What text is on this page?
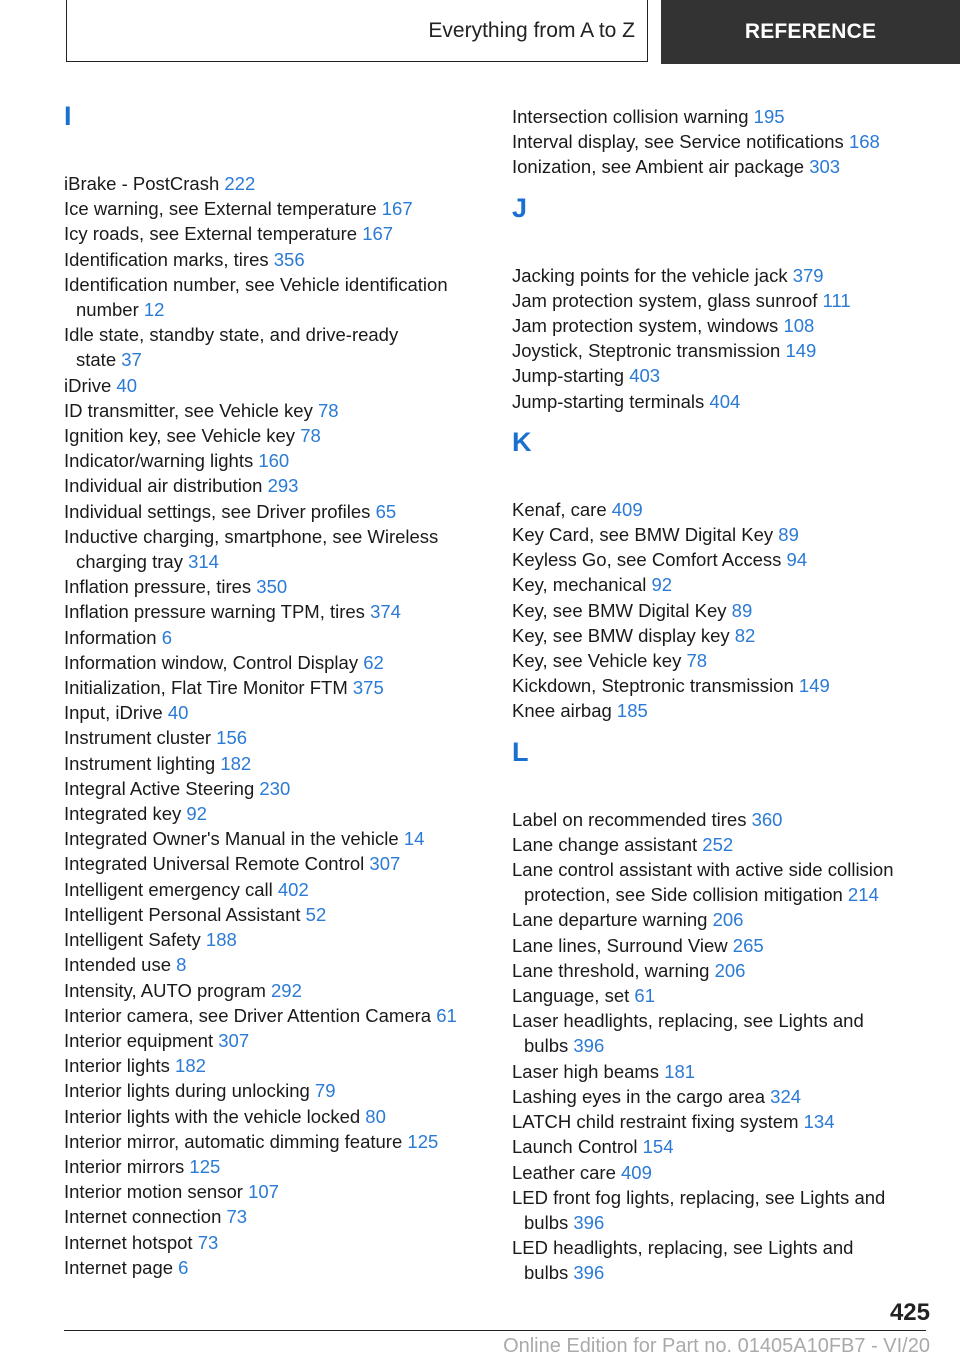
Everything from A to Z	REFERENCE
I
iBrake - PostCrash 222
Ice warning, see External temperature 167
Icy roads, see External temperature 167
Identification marks, tires 356
Identification number, see Vehicle identification
number 12
Idle state, standby state, and drive-ready
state 37
iDrive 40
ID transmitter, see Vehicle key 78
Ignition key, see Vehicle key 78
Indicator/warning lights 160
Individual air distribution 293
Individual settings, see Driver profiles 65
Inductive charging, smartphone, see Wireless
charging tray 314
Inflation pressure, tires 350
Inflation pressure warning TPM, tires 374
Information 6
Information window, Control Display 62
Initialization, Flat Tire Monitor FTM 375
Input, iDrive 40
Instrument cluster 156
Instrument lighting 182
Integral Active Steering 230
Integrated key 92
Integrated Owner's Manual in the vehicle 14
Integrated Universal Remote Control 307
Intelligent emergency call 402
Intelligent Personal Assistant 52
Intelligent Safety 188
Intended use 8
Intensity, AUTO program 292
Interior camera, see Driver Attention Camera 61
Interior equipment 307
Interior lights 182
Interior lights during unlocking 79
Interior lights with the vehicle locked 80
Interior mirror, automatic dimming feature 125
Interior mirrors 125
Interior motion sensor 107
Internet connection 73
Internet hotspot 73
Internet page 6
Intersection collision warning 195
Interval display, see Service notifications 168
Ionization, see Ambient air package 303
J
Jacking points for the vehicle jack 379
Jam protection system, glass sunroof 111
Jam protection system, windows 108
Joystick, Steptronic transmission 149
Jump-starting 403
Jump-starting terminals 404
K
Kenaf, care 409
Key Card, see BMW Digital Key 89
Keyless Go, see Comfort Access 94
Key, mechanical 92
Key, see BMW Digital Key 89
Key, see BMW display key 82
Key, see Vehicle key 78
Kickdown, Steptronic transmission 149
Knee airbag 185
L
Label on recommended tires 360
Lane change assistant 252
Lane control assistant with active side collision
protection, see Side collision mitigation 214
Lane departure warning 206
Lane lines, Surround View 265
Lane threshold, warning 206
Language, set 61
Laser headlights, replacing, see Lights and
bulbs 396
Laser high beams 181
Lashing eyes in the cargo area 324
LATCH child restraint fixing system 134
Launch Control 154
Leather care 409
LED front fog lights, replacing, see Lights and
bulbs 396
LED headlights, replacing, see Lights and
bulbs 396
425
Online Edition for Part no. 01405A10FB7 - VI/20
